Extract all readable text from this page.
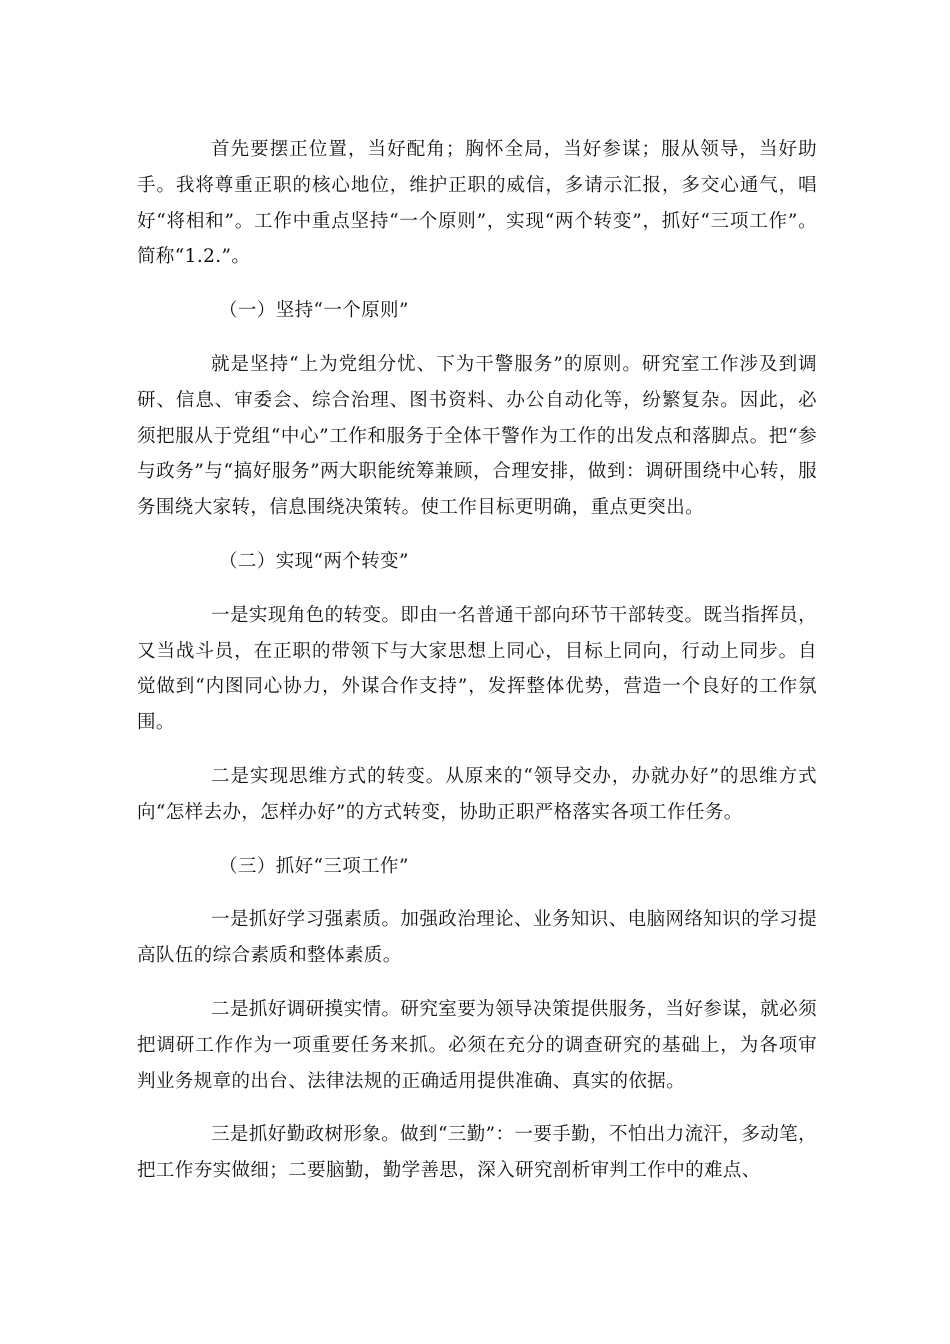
首先要摆正位置，当好配角；胸怀全局，当好参谋；服从领导，当好助手。我将尊重正职的核心地位，维护正职的威信，多请示汇报，多交心通气，唱好“将相和”。工作中重点坚持“一个原则”，实现“两个转变”，抓好“三项工作”。简称“1.2.”。

（一）坚持“一个原则”

就是坚持“上为党组分忧、下为干警服务”的原则。研究室工作涉及到调研、信息、审委会、综合治理、图书资料、办公自动化等，纷繁复杂。因此，必须把服从于党组“中心”工作和服务于全体干警作为工作的出发点和落脚点。把“参与政务”与“搞好服务”两大职能统筹兼顾，合理安排，做到：调研围绕中心转，服务围绕大家转，信息围绕决策转。使工作目标更明确，重点更突出。

（二）实现“两个转变”

一是实现角色的转变。即由一名普通干部向环节干部转变。既当指挥员，又当战斗员，在正职的带领下与大家思想上同心，目标上同向，行动上同步。自觉做到“内图同心协力，外谋合作支持”，发挥整体优势，营造一个良好的工作氛围。

二是实现思维方式的转变。从原来的“领导交办，办就办好”的思维方式向“怎样去办，怎样办好”的方式转变，协助正职严格落实各项工作任务。

（三）抓好“三项工作”

一是抓好学习强素质。加强政治理论、业务知识、电脑网络知识的学习提高队伍的综合素质和整体素质。

二是抓好调研摸实情。研究室要为领导决策提供服务，当好参谋，就必须把调研工作作为一项重要任务来抓。必须在充分的调查研究的基础上，为各项审判业务规章的出台、法律法规的正确适用提供准确、真实的依据。

三是抓好勤政树形象。做到“三勤”：一要手勤，不怕出力流汗，多动笔，把工作夯实做细；二要脑勤，勤学善思，深入研究剖析审判工作中的难点、
